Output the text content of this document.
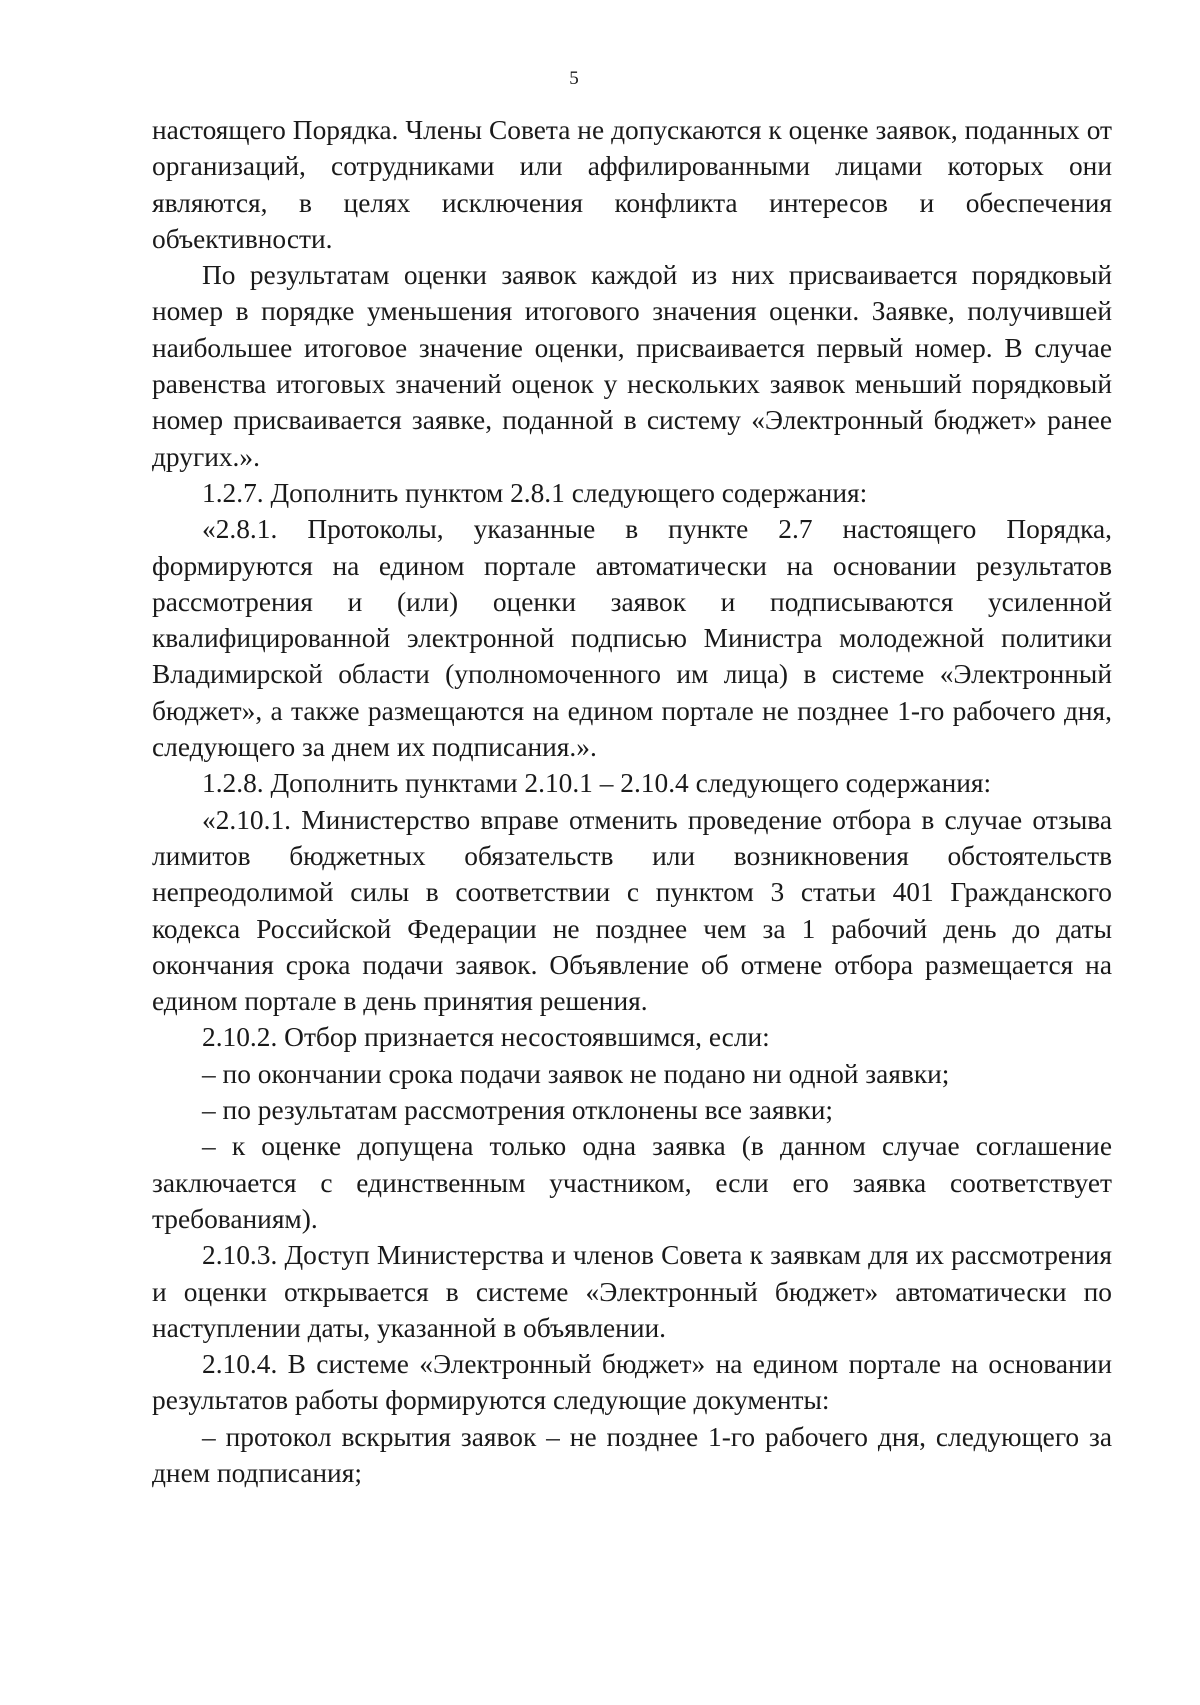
5

настоящего Порядка. Члены Совета не допускаются к оценке заявок, поданных от организаций, сотрудниками или аффилированными лицами которых они являются, в целях исключения конфликта интересов и обеспечения объективности.

По результатам оценки заявок каждой из них присваивается порядковый номер в порядке уменьшения итогового значения оценки. Заявке, получившей наибольшее итоговое значение оценки, присваивается первый номер. В случае равенства итоговых значений оценок у нескольких заявок меньший порядковый номер присваивается заявке, поданной в систему «Электронный бюджет» ранее других.».

1.2.7. Дополнить пунктом 2.8.1 следующего содержания:

«2.8.1. Протоколы, указанные в пункте 2.7 настоящего Порядка, формируются на едином портале автоматически на основании результатов рассмотрения и (или) оценки заявок и подписываются усиленной квалифицированной электронной подписью Министра молодежной политики Владимирской области (уполномоченного им лица) в системе «Электронный бюджет», а также размещаются на едином портале не позднее 1-го рабочего дня, следующего за днем их подписания.».

1.2.8. Дополнить пунктами 2.10.1 – 2.10.4 следующего содержания:

«2.10.1. Министерство вправе отменить проведение отбора в случае отзыва лимитов бюджетных обязательств или возникновения обстоятельств непреодолимой силы в соответствии с пунктом 3 статьи 401 Гражданского кодекса Российской Федерации не позднее чем за 1 рабочий день до даты окончания срока подачи заявок. Объявление об отмене отбора размещается на едином портале в день принятия решения.

2.10.2. Отбор признается несостоявшимся, если:

– по окончании срока подачи заявок не подано ни одной заявки;

– по результатам рассмотрения отклонены все заявки;

– к оценке допущена только одна заявка (в данном случае соглашение заключается с единственным участником, если его заявка соответствует требованиям).

2.10.3. Доступ Министерства и членов Совета к заявкам для их рассмотрения и оценки открывается в системе «Электронный бюджет» автоматически по наступлении даты, указанной в объявлении.

2.10.4. В системе «Электронный бюджет» на едином портале на основании результатов работы формируются следующие документы:

– протокол вскрытия заявок – не позднее 1-го рабочего дня, следующего за днем подписания;
